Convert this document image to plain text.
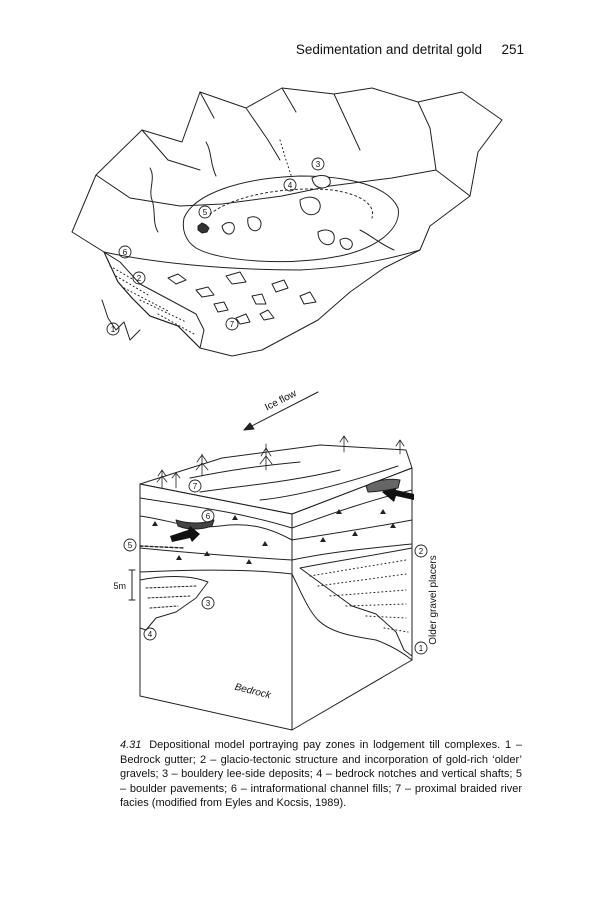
Sedimentation and detrital gold 251
1
2
3
4
5
6
7
Ice flow
1
2
3
4
5
6
7
5m
Bedrock
Older gravel placers
4.31 Depositional model portraying pay zones in lodgement till complexes. 1 – Bedrock gutter; 2 – glacio-tectonic structure and incorporation of gold-rich ‘older’ gravels; 3 – bouldery lee-side deposits; 4 – bedrock notches and vertical shafts; 5 – boulder pavements; 6 – intraformational channel fills; 7 – proximal braided river facies (modified from Eyles and Kocsis, 1989).
